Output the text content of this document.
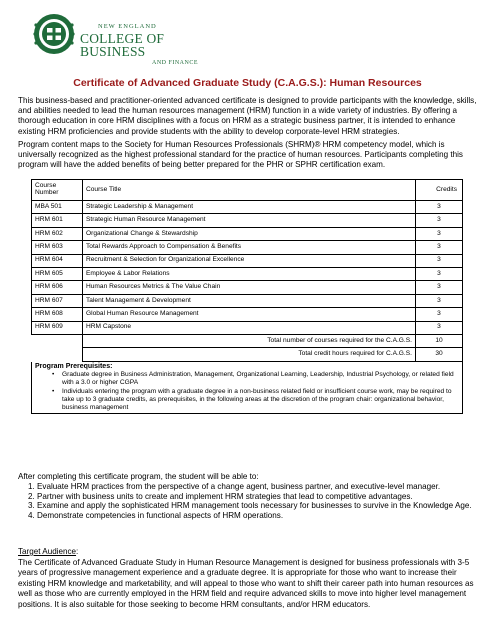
NEW ENGLAND
COLLEGE OF BUSINESS
AND FINANCE
Certificate of Advanced Graduate Study (C.A.G.S.): Human Resources

This business-based and practitioner-oriented advanced certificate is designed to provide participants with the knowledge, skills, and abilities needed to lead the human resources management (HRM) function in a wide variety of industries. By offering a thorough education in core HRM disciplines with a focus on HRM as a strategic business partner, it is intended to enhance existing HRM proficiencies and provide students with the ability to develop corporate-level HRM strategies.

Program content maps to the Society for Human Resources Professionals (SHRM)® HRM competency model, which is universally recognized as the highest professional standard for the practice of human resources. Participants completing this program will have the added benefits of being better prepared for the PHR or SPHR certification exam.

Course Number	Course Title	Credits
MBA 501	Strategic Leadership & Management	3
HRM 601	Strategic Human Resource Management	3
HRM 602	Organizational Change & Stewardship	3
HRM 603	Total Rewards Approach to Compensation & Benefits	3
HRM 604	Recruitment & Selection for Organizational Excellence	3
HRM 605	Employee & Labor Relations	3
HRM 606	Human Resources Metrics & The Value Chain	3
HRM 607	Talent Management & Development	3
HRM 608	Global Human Resource Management	3
HRM 609	HRM Capstone	3
	Total number of courses required for the C.A.G.S.	10
	Total credit hours required for C.A.G.S.	30
Program Prerequisites:
• Graduate degree in Business Administration, Management, Organizational Learning, Leadership, Industrial Psychology, or related field with a 3.0 or higher CGPA
• Individuals entering the program with a graduate degree in a non-business related field or insufficient course work, may be required to take up to 3 graduate credits, as prerequisites, in the following areas at the discretion of the program chair: organizational behavior, business management
After completing this certificate program, the student will be able to:
1. Evaluate HRM practices from the perspective of a change agent, business partner, and executive-level manager.
2. Partner with business units to create and implement HRM strategies that lead to competitive advantages.
3. Examine and apply the sophisticated HRM management tools necessary for businesses to survive in the Knowledge Age.
4. Demonstrate competencies in functional aspects of HRM operations.
Target Audience:
The Certificate of Advanced Graduate Study in Human Resource Management is designed for business professionals with 3-5 years of progressive management experience and a graduate degree. It is appropriate for those who want to increase their existing HRM knowledge and marketability, and will appeal to those who want to shift their career path into human resources as well as those who are currently employed in the HRM field and require advanced skills to move into higher level management positions. It is also suitable for those seeking to become HRM consultants, and/or HRM educators.
